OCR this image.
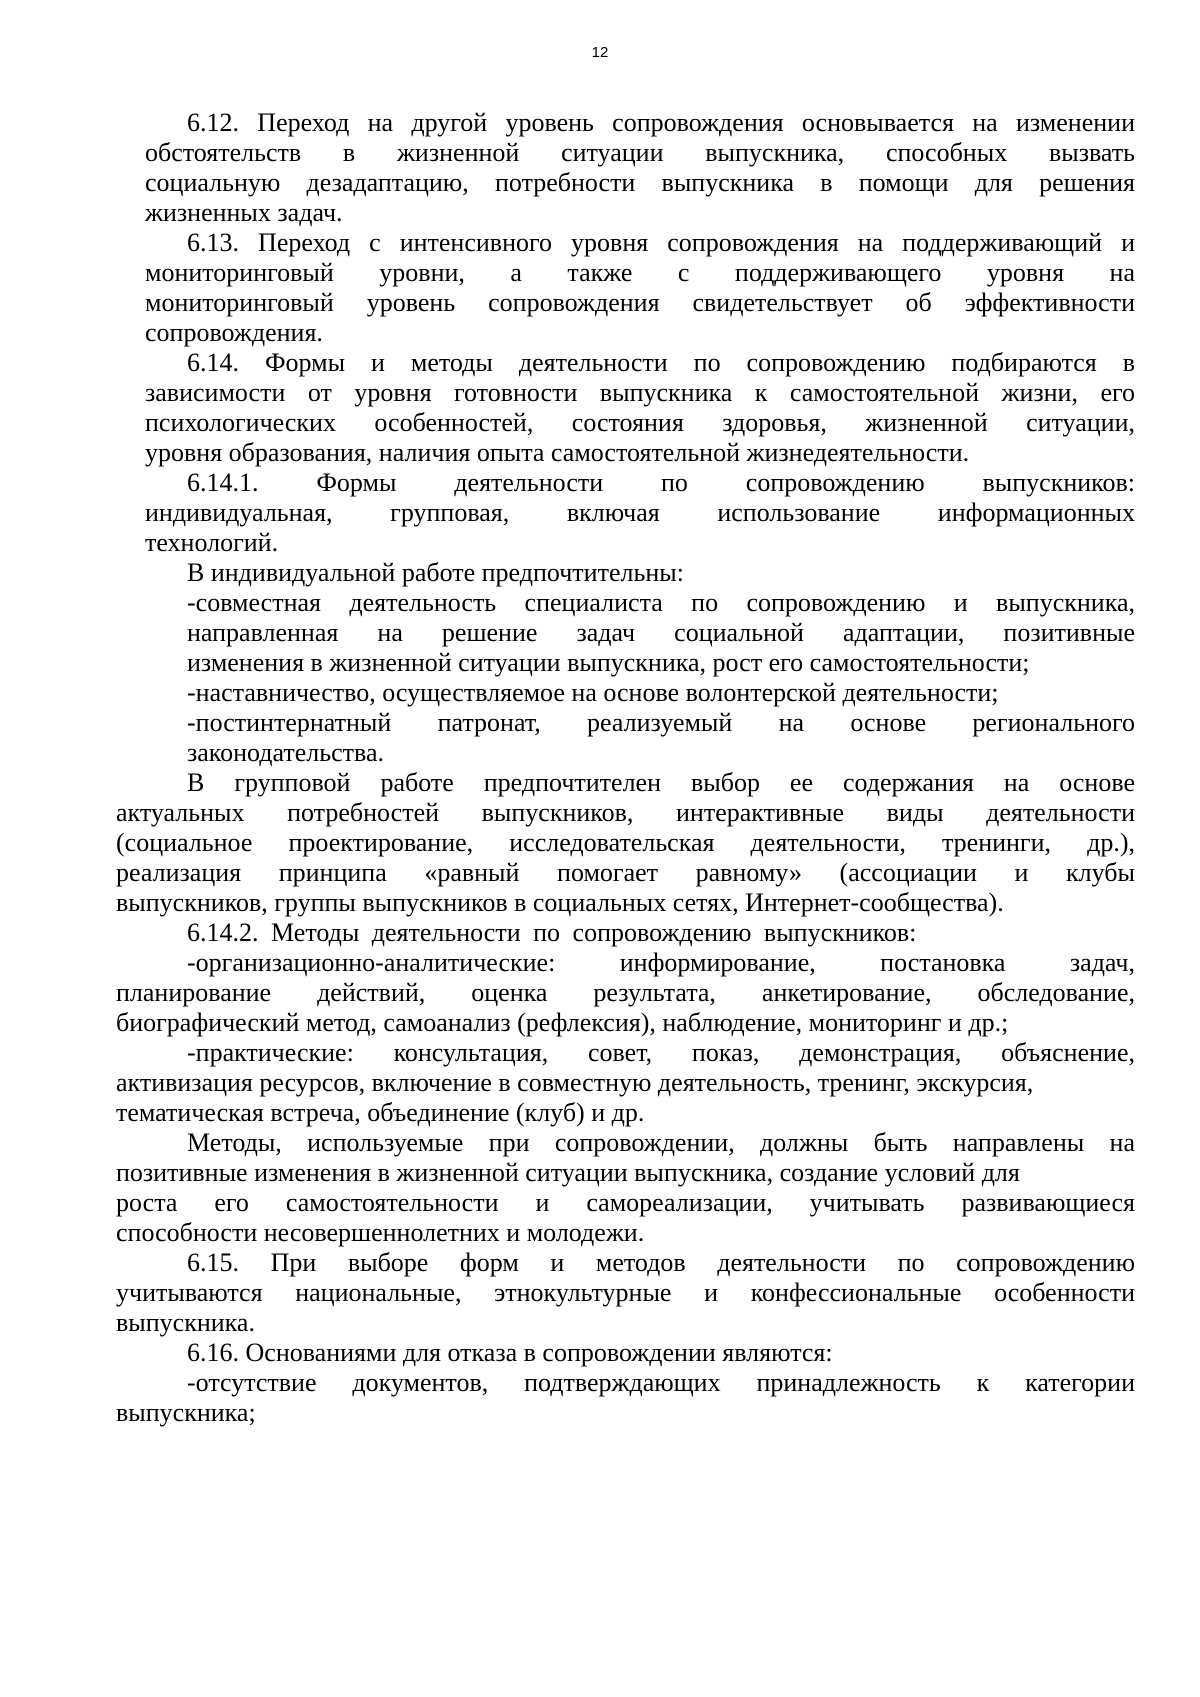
12
6.12. Переход на другой уровень сопровождения основывается на изменении
обстоятельств в жизненной ситуации выпускника, способных вызвать
социальную дезадаптацию, потребности выпускника в помощи для решения
жизненных задач.
6.13. Переход с интенсивного уровня сопровождения на поддерживающий и
мониторинговый уровни, а также с поддерживающего уровня на
мониторинговый уровень сопровождения свидетельствует об эффективности
сопровождения.
6.14. Формы и методы деятельности по сопровождению подбираются в
зависимости от уровня готовности выпускника к самостоятельной жизни, его
психологических особенностей, состояния здоровья, жизненной ситуации,
уровня образования, наличия опыта самостоятельной жизнедеятельности.
6.14.1. Формы деятельности по сопровождению выпускников:
индивидуальная, групповая, включая использование информационных
технологий.
В индивидуальной работе предпочтительны:
-совместная деятельность специалиста по сопровождению и выпускника,
направленная на решение задач социальной адаптации, позитивные
изменения в жизненной ситуации выпускника, рост его самостоятельности;
-наставничество, осуществляемое на основе волонтерской деятельности;
-постинтернатный патронат, реализуемый на основе регионального
законодательства.
В групповой работе предпочтителен выбор ее содержания на основе
актуальных потребностей выпускников, интерактивные виды деятельности
(социальное проектирование, исследовательская деятельности, тренинги, др.),
реализация принципа «равный помогает равному» (ассоциации и клубы
выпускников, группы выпускников в социальных сетях, Интернет-сообщества).
6.14.2. Методы деятельности по сопровождению выпускников:
-организационно-аналитические: информирование, постановка задач,
планирование действий, оценка результата, анкетирование, обследование,
биографический метод, самоанализ (рефлексия), наблюдение, мониторинг и др.;
-практические: консультация, совет, показ, демонстрация, объяснение,
активизация ресурсов, включение в совместную деятельность, тренинг, экскурсия,
тематическая встреча, объединение (клуб) и др.
Методы, используемые при сопровождении, должны быть направлены на
позитивные изменения в жизненной ситуации выпускника, создание условий для
роста его самостоятельности и самореализации, учитывать развивающиеся
способности несовершеннолетних и молодежи.
6.15. При выборе форм и методов деятельности по сопровождению
учитываются национальные, этнокультурные и конфессиональные особенности
выпускника.
6.16. Основаниями для отказа в сопровождении являются:
-отсутствие документов, подтверждающих принадлежность к категории
выпускника;
